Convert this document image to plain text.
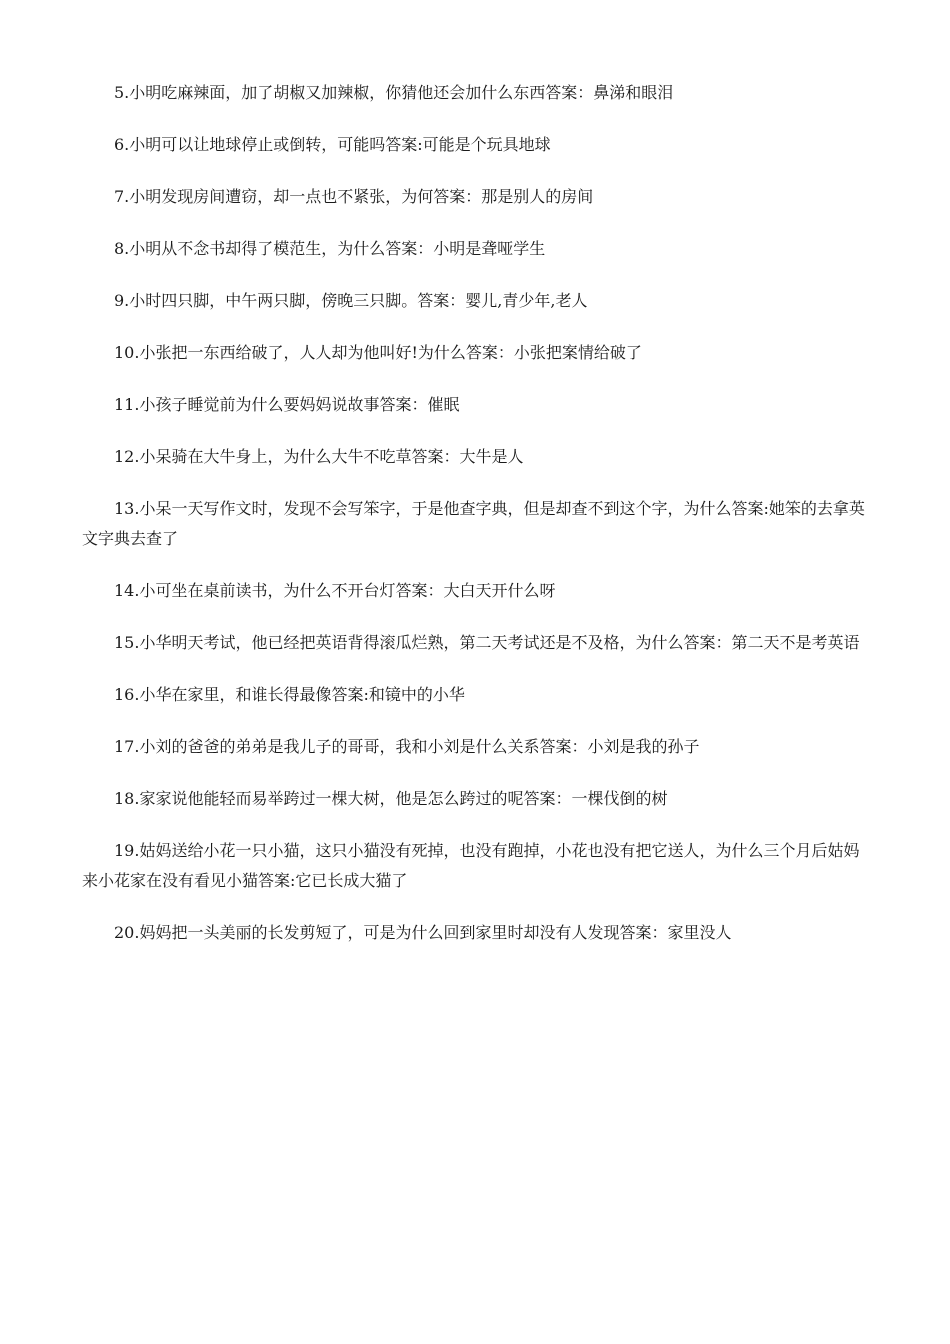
5.小明吃麻辣面，加了胡椒又加辣椒，你猜他还会加什么东西答案：鼻涕和眼泪

6.小明可以让地球停止或倒转，可能吗答案:可能是个玩具地球

7.小明发现房间遭窃，却一点也不紧张，为何答案：那是别人的房间

8.小明从不念书却得了模范生，为什么答案：小明是聋哑学生

9.小时四只脚，中午两只脚，傍晚三只脚。答案：婴儿,青少年,老人

10.小张把一东西给破了，人人却为他叫好!为什么答案：小张把案情给破了

11.小孩子睡觉前为什么要妈妈说故事答案：催眠

12.小呆骑在大牛身上，为什么大牛不吃草答案：大牛是人

13.小呆一天写作文时，发现不会写笨字，于是他查字典，但是却查不到这个字，为什么答案:她笨的去拿英文字典去查了

14.小可坐在桌前读书，为什么不开台灯答案：大白天开什么呀

15.小华明天考试，他已经把英语背得滚瓜烂熟，第二天考试还是不及格，为什么答案：第二天不是考英语

16.小华在家里，和谁长得最像答案:和镜中的小华

17.小刘的爸爸的弟弟是我儿子的哥哥，我和小刘是什么关系答案：小刘是我的孙子

18.家家说他能轻而易举跨过一棵大树，他是怎么跨过的呢答案：一棵伐倒的树

19.姑妈送给小花一只小猫，这只小猫没有死掉，也没有跑掉，小花也没有把它送人，为什么三个月后姑妈来小花家在没有看见小猫答案:它已长成大猫了

20.妈妈把一头美丽的长发剪短了，可是为什么回到家里时却没有人发现答案：家里没人
